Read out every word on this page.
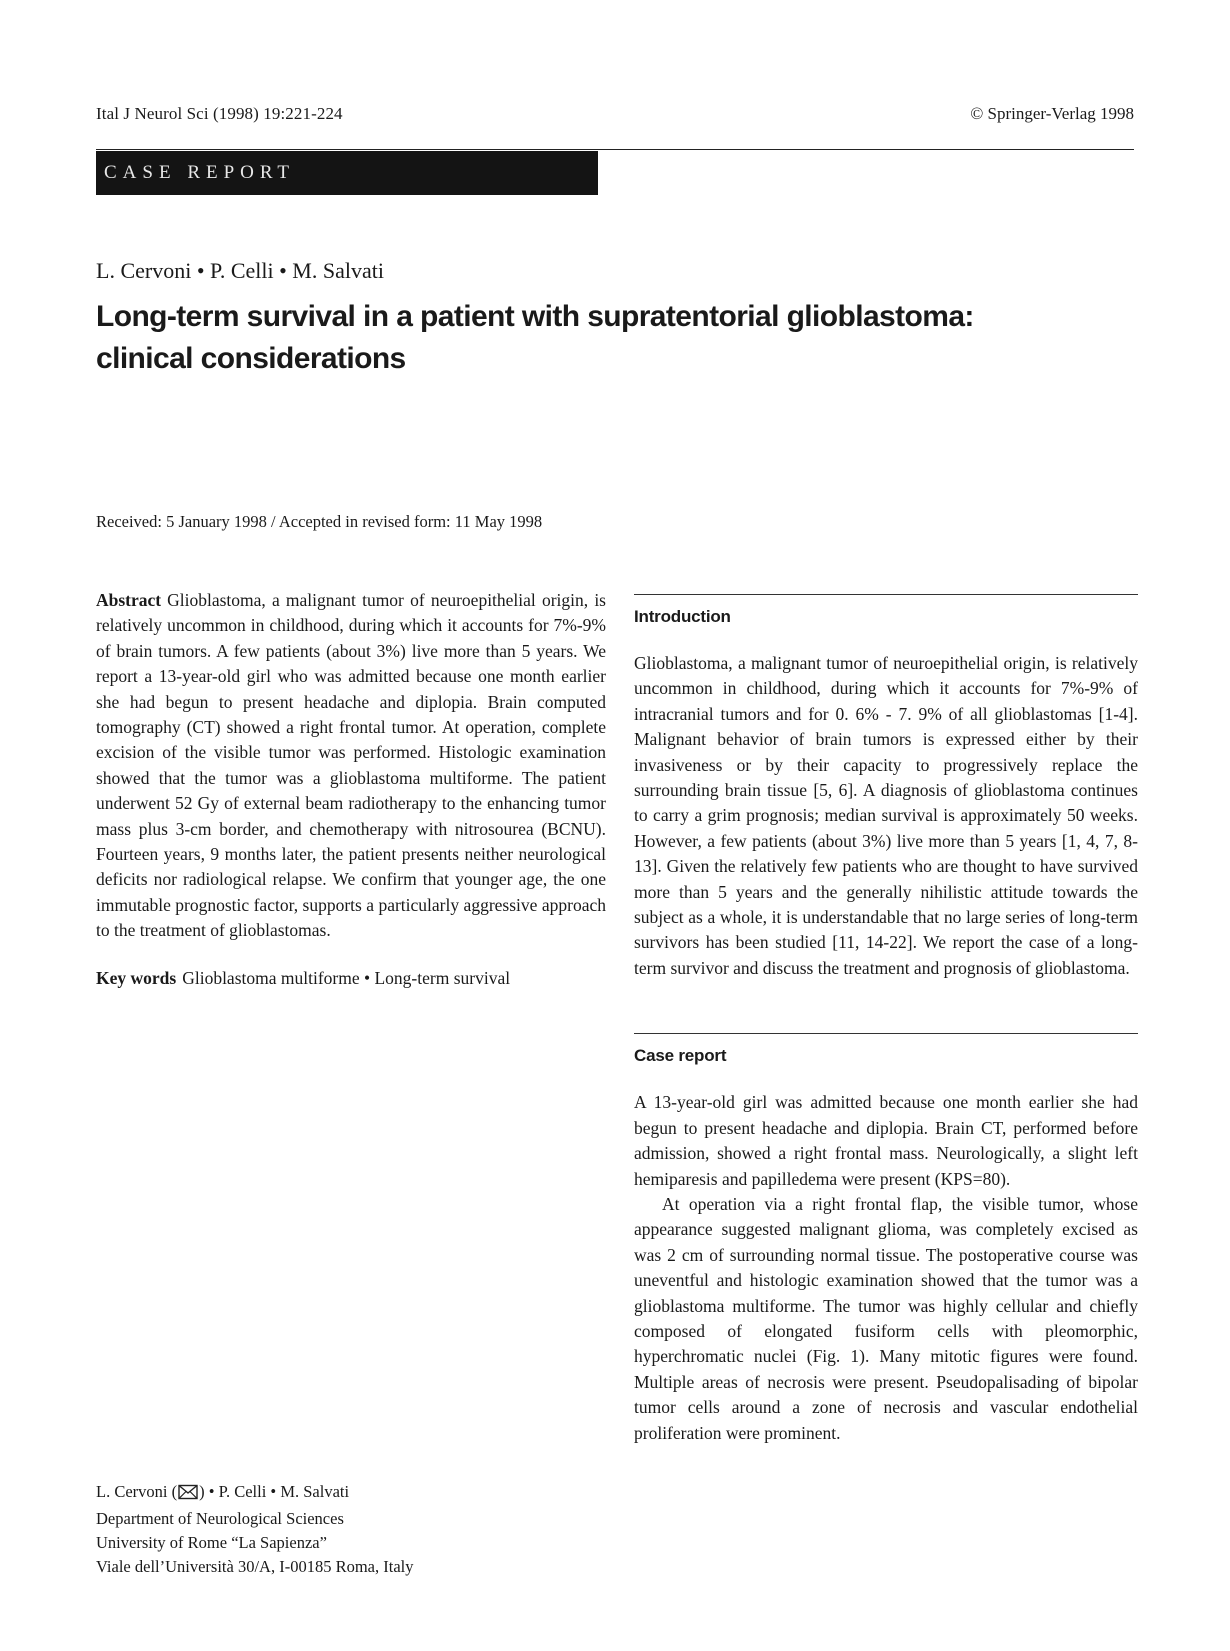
Ital J Neurol Sci (1998) 19:221-224	© Springer-Verlag 1998
CASE REPORT
L. Cervoni • P. Celli • M. Salvati
Long-term survival in a patient with supratentorial glioblastoma:
clinical considerations
Received: 5 January 1998 / Accepted in revised form: 11 May 1998

Abstract Glioblastoma, a malignant tumor of neuroepithelial origin, is relatively uncommon in childhood, during which it accounts for 7%-9% of brain tumors. A few patients (about 3%) live more than 5 years. We report a 13-year-old girl who was admitted because one month earlier she had begun to present headache and diplopia. Brain computed tomography (CT) showed a right frontal tumor. At operation, complete excision of the visible tumor was performed. Histologic examination showed that the tumor was a glioblastoma multiforme. The patient underwent 52 Gy of external beam radiotherapy to the enhancing tumor mass plus 3-cm border, and chemotherapy with nitrosourea (BCNU). Fourteen years, 9 months later, the patient presents neither neurological deficits nor radiological relapse. We confirm that younger age, the one immutable prognostic factor, supports a particularly aggressive approach to the treatment of glioblastomas.

Key words Glioblastoma multiforme • Long-term survival
Introduction

Glioblastoma, a malignant tumor of neuroepithelial origin, is relatively uncommon in childhood, during which it accounts for 7%-9% of intracranial tumors and for 0. 6% - 7. 9% of all glioblastomas [1-4]. Malignant behavior of brain tumors is expressed either by their invasiveness or by their capacity to progressively replace the surrounding brain tissue [5, 6]. A diagnosis of glioblastoma continues to carry a grim prognosis; median survival is approximately 50 weeks. However, a few patients (about 3%) live more than 5 years [1, 4, 7, 8-13]. Given the relatively few patients who are thought to have survived more than 5 years and the generally nihilistic attitude towards the subject as a whole, it is understandable that no large series of long-term survivors has been studied [11, 14-22]. We report the case of a long-term survivor and discuss the treatment and prognosis of glioblastoma.

Case report

A 13-year-old girl was admitted because one month earlier she had begun to present headache and diplopia. Brain CT, performed before admission, showed a right frontal mass. Neurologically, a slight left hemiparesis and papilledema were present (KPS=80).

At operation via a right frontal flap, the visible tumor, whose appearance suggested malignant glioma, was completely excised as was 2 cm of surrounding normal tissue. The postoperative course was uneventful and histologic examination showed that the tumor was a glioblastoma multiforme. The tumor was highly cellular and chiefly composed of elongated fusiform cells with pleomorphic, hyperchromatic nuclei (Fig. 1). Many mitotic figures were found. Multiple areas of necrosis were present. Pseudopalisading of bipolar tumor cells around a zone of necrosis and vascular endothelial proliferation were prominent.

L. Cervoni ( ) • P. Celli • M. Salvati
Department of Neurological Sciences
University of Rome “La Sapienza”
Viale dell’Università 30/A, I-00185 Roma, Italy
